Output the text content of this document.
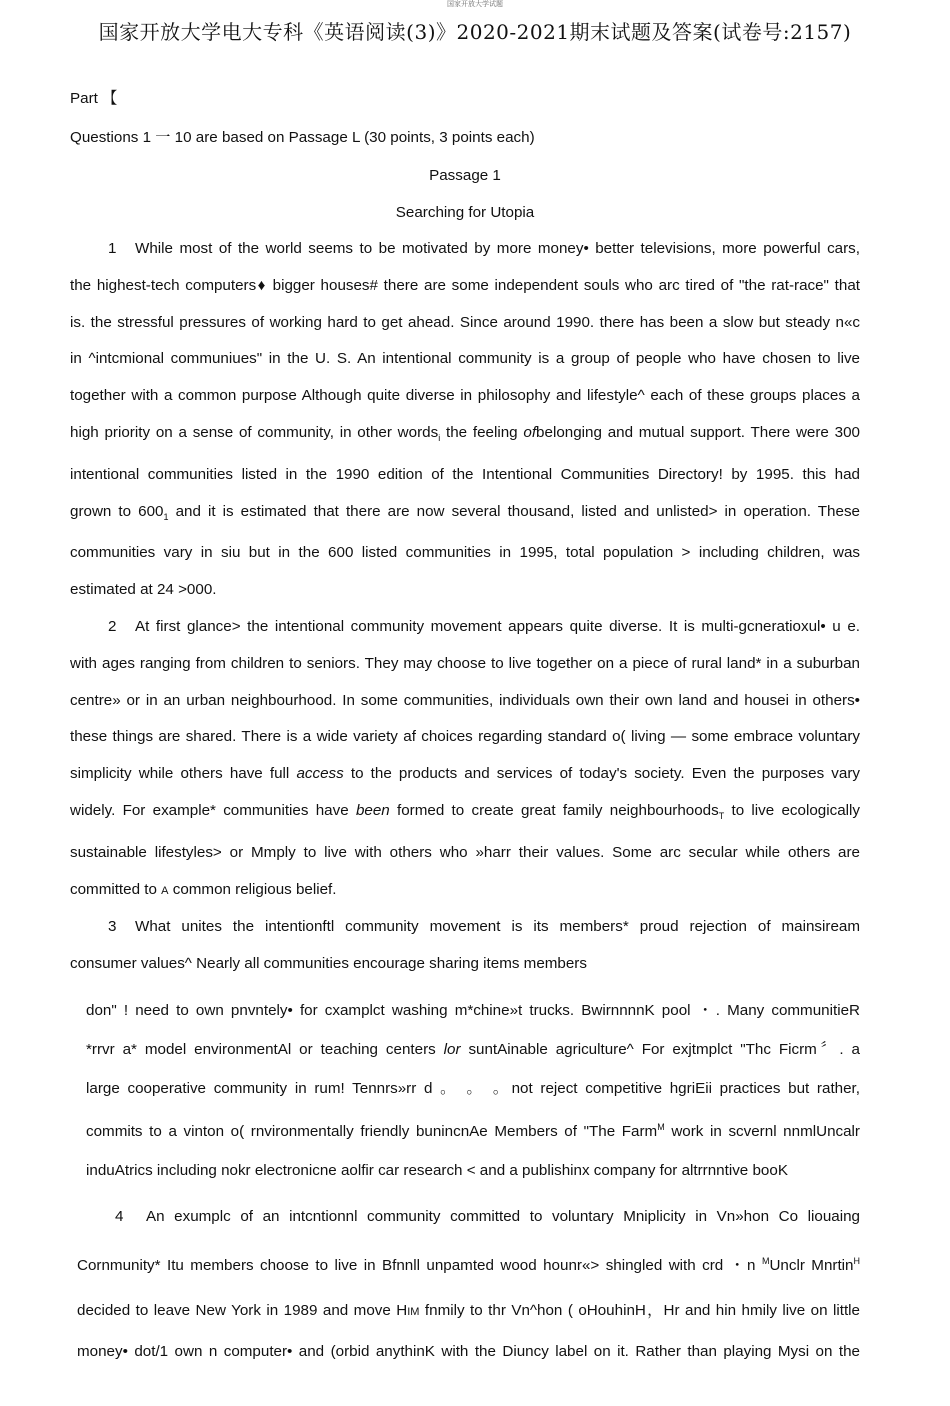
国家开放大学试题
国家开放大学电大专科《英语阅读(3)》2020-2021期末试题及答案(试卷号:2157)
Part 【
Questions 1 一 10 are based on Passage L (30 points, 3 points each)
Passage 1
Searching for Utopia

1 While most of the world seems to be motivated by more money• better televisions, more powerful cars,

the highest-tech computers♦ bigger houses# there are some independent souls who arc tired of "the rat-race" that

is. the stressful pressures of working hard to get ahead. Since around 1990. there has been a slow but steady n«c

in ^intcmional communiues" in the U. S. An intentional community is a group of people who have chosen to live

together with a common purpose Although quite diverse in philosophy and lifestyle^ each of these groups places a

high priority on a sense of community, in other words$_i$ the feeling ofbelonging and mutual support. There were 300

intentional communities listed in the 1990 edition of the Intentional Communities Directory! by 1995. this had

grown to $600_1$ and it is estimated that there are now several thousand, listed and unlisted> in operation. These

communities vary in siu but in the 600 listed communities in 1995, total population > including children, was

estimated at 24 >000.

2 At first glance> the intentional community movement appears quite diverse. It is multi-gcneratioxul• u e.

with ages ranging from children to seniors. They may choose to live together on a piece of rural land* in a suburban

centre» or in an urban neighbourhood. In some communities, individuals own their own land and housei in others•

these things are shared. There is a wide variety af choices regarding standard o( living — some embrace voluntary

simplicity while others have full access to the products and services of today's society. Even the purposes vary

widely. For example* communities have been formed to create great family neighbourhoods$_T$ to live ecologically

sustainable lifestyles> or Mmply to live with others who »harr their values. Some arc secular while others are

committed to A common religious belief.

3 What unites the intentionftl community movement is its members* proud rejection of mainsiream

consumer values^ Nearly all communities encourage sharing items members

don" ! need to own pnvntely• for cxamplct washing m*chine»t trucks. BwirnnnnK pool ・. Many communitieR

*rrvr a* model environmentAl or teaching centers lor suntAinable agriculture^ For exjtmplct "Thc Ficrm〞. a

large cooperative community in rum! Tennrs»rr d 。 。 。not reject competitive hgriEii practices but rather,

commits to a vinton o( rnvironmentally friendly bunincnAe Members of "The Farm$^M$ work in scvernl nnmlUncalr

induAtrics including nokr electronicne aolfir car research < and a publishinx company for altrrnntive booK

4 An exumplc of an intcntionnl community committed to voluntary Mniplicity in Vn»hon Co liouaing

Cornmunity* Itu members choose to live in Bfnnll unpamted wood hounr«> shingled with crd ・n $^M$Unclr Mnrtin$^H$

decided to leave New York in 1989 and move HIM fnmily to thr Vn^hon ( oHouhinH，Hr and hin hmily live on little

money• dot/1 own n computer• and (orbid anythinK with the Diuncy label on it. Rather than playing Mysi on the
